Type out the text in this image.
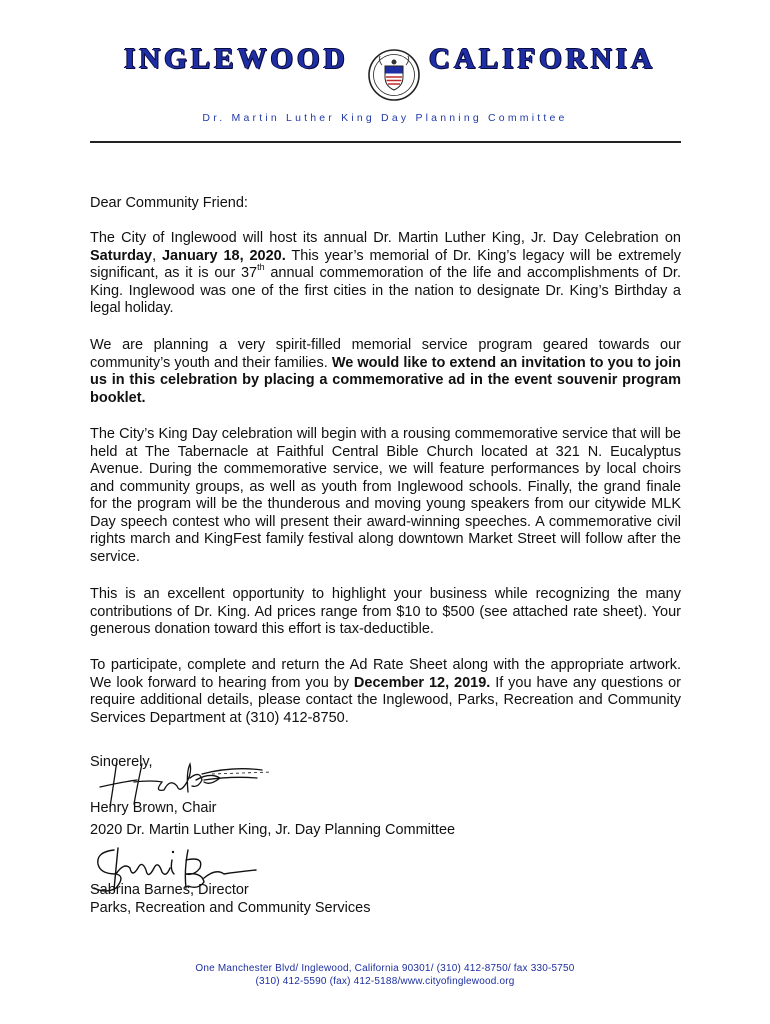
INGLEWOOD	CALIFORNIA
Dr. Martin Luther King Day Planning Committee
Dear Community Friend:
The City of Inglewood will host its annual Dr. Martin Luther King, Jr. Day Celebration on Saturday, January 18, 2020. This year’s memorial of Dr. King’s legacy will be extremely significant, as it is our 37th annual commemoration of the life and accomplishments of Dr. King. Inglewood was one of the first cities in the nation to designate Dr. King’s Birthday a legal holiday.
We are planning a very spirit-filled memorial service program geared towards our community’s youth and their families. We would like to extend an invitation to you to join us in this celebration by placing a commemorative ad in the event souvenir program booklet.
The City’s King Day celebration will begin with a rousing commemorative service that will be held at The Tabernacle at Faithful Central Bible Church located at 321 N. Eucalyptus Avenue. During the commemorative service, we will feature performances by local choirs and community groups, as well as youth from Inglewood schools. Finally, the grand finale for the program will be the thunderous and moving young speakers from our citywide MLK Day speech contest who will present their award-winning speeches. A commemorative civil rights march and KingFest family festival along downtown Market Street will follow after the service.
This is an excellent opportunity to highlight your business while recognizing the many contributions of Dr. King. Ad prices range from $10 to $500 (see attached rate sheet). Your generous donation toward this effort is tax-deductible.
To participate, complete and return the Ad Rate Sheet along with the appropriate artwork. We look forward to hearing from you by December 12, 2019. If you have any questions or require additional details, please contact the Inglewood, Parks, Recreation and Community Services Department at (310) 412-8750.
Sincerely,
Henry Brown, Chair
2020 Dr. Martin Luther King, Jr. Day Planning Committee
Sabrina Barnes, Director
Parks, Recreation and Community Services
One Manchester Blvd/ Inglewood, California 90301/ (310) 412-8750/ fax 330-5750
(310) 412-5590 (fax) 412-5188/www.cityofinglewood.org
